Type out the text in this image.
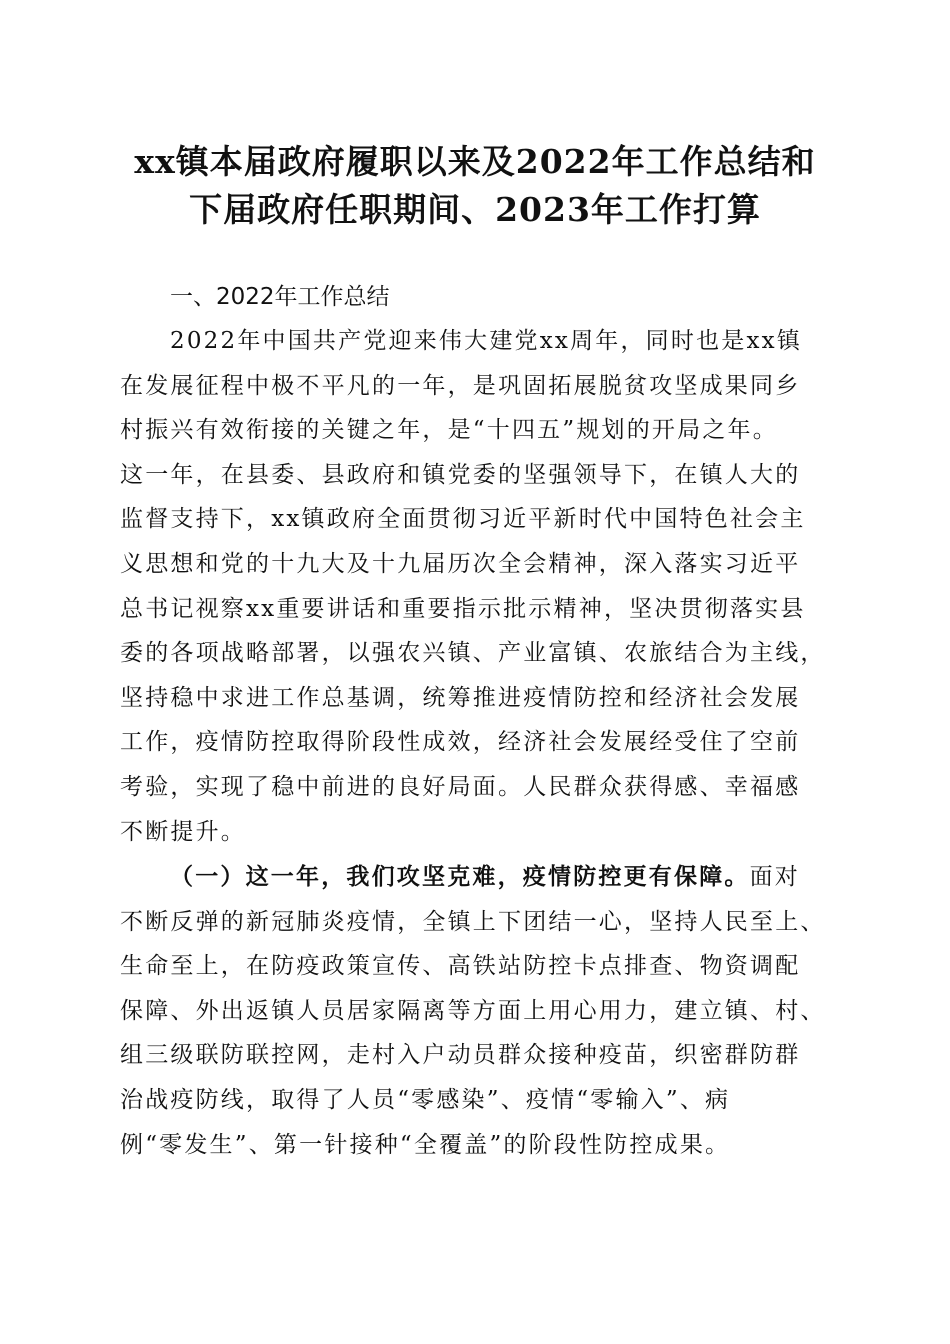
xx镇本届政府履职以来及2022年工作总结和
下届政府任职期间、2023年工作打算
一、2022年工作总结
2022年中国共产党迎来伟大建党xx周年，同时也是xx镇
在发展征程中极不平凡的一年，是巩固拓展脱贫攻坚成果同乡
村振兴有效衔接的关键之年，是“十四五”规划的开局之年。
这一年，在县委、县政府和镇党委的坚强领导下，在镇人大的
监督支持下，xx镇政府全面贯彻习近平新时代中国特色社会主
义思想和党的十九大及十九届历次全会精神，深入落实习近平
总书记视察xx重要讲话和重要指示批示精神，坚决贯彻落实县
委的各项战略部署，以强农兴镇、产业富镇、农旅结合为主线，
坚持稳中求进工作总基调，统筹推进疫情防控和经济社会发展
工作，疫情防控取得阶段性成效，经济社会发展经受住了空前
考验，实现了稳中前进的良好局面。人民群众获得感、幸福感
不断提升。
（一）这一年，我们攻坚克难，疫情防控更有保障。面对
不断反弹的新冠肺炎疫情，全镇上下团结一心，坚持人民至上、
生命至上，在防疫政策宣传、高铁站防控卡点排查、物资调配
保障、外出返镇人员居家隔离等方面上用心用力，建立镇、村、
组三级联防联控网，走村入户动员群众接种疫苗，织密群防群
治战疫防线，取得了人员“零感染”、疫情“零输入”、病
例“零发生”、第一针接种“全覆盖”的阶段性防控成果。
